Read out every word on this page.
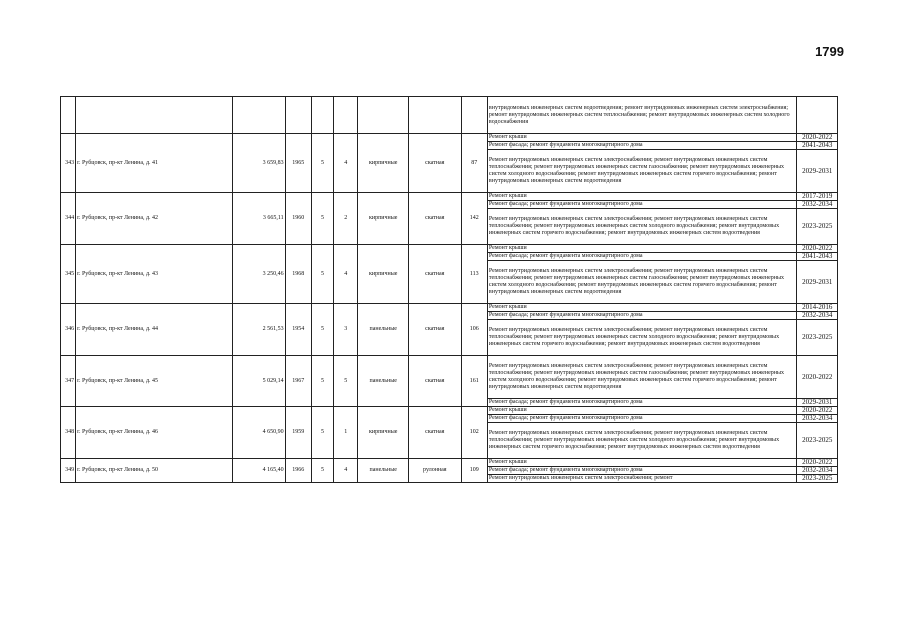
1799
									внутридомовых инженерных систем водоотведения; ремонт внутридомовых инженерных систем электроснабжения; ремонт внутридомовых инженерных систем теплоснабжения; ремонт внутридомовых инженерных систем холодного водоснабжения	
343	г. Рубцовск, пр-кт Ленина, д. 41	3 659,83	1965	5	4	кирпичные	скатная	87	Ремонт крыши	2020-2022
									Ремонт фасада; ремонт фундамента многоквартирного дома	2041-2043
									Ремонт внутридомовых инженерных систем электроснабжения; ремонт внутридомовых инженерных систем теплоснабжения; ремонт внутридомовых инженерных систем газоснабжения; ремонт внутридомовых инженерных систем холодного водоснабжения; ремонт внутридомовых инженерных систем горячего водоснабжения; ремонт внутридомовых инженерных систем водоотведения	2029-2031
344	г. Рубцовск, пр-кт Ленина, д. 42	3 665,11	1960	5	2	кирпичные	скатная	142	Ремонт крыши	2017-2019
									Ремонт фасада; ремонт фундамента многоквартирного дома	2032-2034
									Ремонт внутридомовых инженерных систем электроснабжения; ремонт внутридомовых инженерных систем теплоснабжения; ремонт внутридомовых инженерных систем холодного водоснабжения; ремонт внутридомовых инженерных систем горячего водоснабжения; ремонт внутридомовых инженерных систем водоотведения	2023-2025
345	г. Рубцовск, пр-кт Ленина, д. 43	3 250,46	1968	5	4	кирпичные	скатная	113	Ремонт крыши	2020-2022
									Ремонт фасада; ремонт фундамента многоквартирного дома	2041-2043
									Ремонт внутридомовых инженерных систем электроснабжения; ремонт внутридомовых инженерных систем теплоснабжения; ремонт внутридомовых инженерных систем газоснабжения; ремонт внутридомовых инженерных систем холодного водоснабжения; ремонт внутридомовых инженерных систем горячего водоснабжения; ремонт внутридомовых инженерных систем водоотведения	2029-2031
346	г. Рубцовск, пр-кт Ленина, д. 44	2 561,53	1954	5	3	панельные	скатная	106	Ремонт крыши	2014-2016
									Ремонт фасада; ремонт фундамента многоквартирного дома	2032-2034
									Ремонт внутридомовых инженерных систем электроснабжения; ремонт внутридомовых инженерных систем теплоснабжения; ремонт внутридомовых инженерных систем холодного водоснабжения; ремонт внутридомовых инженерных систем горячего водоснабжения; ремонт внутридомовых инженерных систем водоотведения	2023-2025
347	г. Рубцовск, пр-кт Ленина, д. 45	5 029,14	1967	5	5	панельные	скатная	161	Ремонт внутридомовых инженерных систем электроснабжения; ремонт внутридомовых инженерных систем теплоснабжения; ремонт внутридомовых инженерных систем газоснабжения; ремонт внутридомовых инженерных систем холодного водоснабжения; ремонт внутридомовых инженерных систем горячего водоснабжения; ремонт внутридомовых инженерных систем водоотведения	2020-2022
									Ремонт фасада; ремонт фундамента многоквартирного дома	2029-2031
348	г. Рубцовск, пр-кт Ленина, д. 46	4 650,90	1959	5	1	кирпичные	скатная	102	Ремонт крыши	2020-2022
									Ремонт фасада; ремонт фундамента многоквартирного дома	2032-2034
									Ремонт внутридомовых инженерных систем электроснабжения; ремонт внутридомовых инженерных систем теплоснабжения; ремонт внутридомовых инженерных систем холодного водоснабжения; ремонт внутридомовых инженерных систем горячего водоснабжения; ремонт внутридомовых инженерных систем водоотведения	2023-2025
349	г. Рубцовск, пр-кт Ленина, д. 50	4 165,40	1966	5	4	панельные	рулонная	109	Ремонт крыши	2020-2022
									Ремонт фасада; ремонт фундамента многоквартирного дома	2032-2034
									Ремонт внутридомовых инженерных систем электроснабжения; ремонт	2023-2025
